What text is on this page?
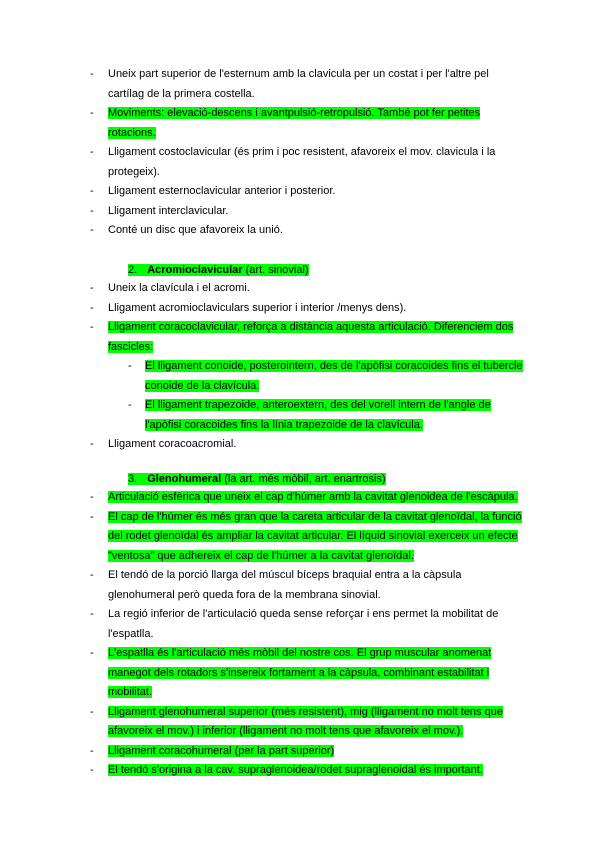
- Uneix part superior de l'esternum amb la clavicula per un costat i per l'altre pel
cartílag de la primera costella.
- Moviments: elevació-descens i avantpulsió-retropulsió. També pot fer petites
rotacions.
- Lligament costoclavicular (és prim i poc resistent, afavoreix el mov. clavicula i la
protegeix).
- Lligament esternoclavicular anterior i posterior.
- Lligament interclavicular.
- Conté un disc que afavoreix la unió.
2. Acromioclavicular (art. sinovial)
- Uneix la clavícula i el acromi.
- Lligament acromioclaviculars superior i interior /menys dens).
- Lligament coracoclavicular, reforça a distància aquesta articulació. Diferenciem dos
fascicles:
- El lligament conoide, posterointern, des de l'apòfisi coracoides fins el tubercle
conoide de la clavícula.
- El lligament trapezoide, anteroextern, des del vorell intern de l'angle de
l'apòfisi coracoides fins la línia trapezoide de la clavícula.
- Lligament coracoacromial.
3. Glenohumeral (la art. més mòbil, art. enartrosis)
- Articulació esfèrica que uneix el cap d'húmer amb la cavitat glenoidea de l'escàpula.
- El cap de l'húmer és més gran que la careta articular de la cavitat glenoïdal, la funció
del rodet glenoïdal és ampliar la cavitat articular. El líquid sinovial exerceix un efecte
"ventosa" que adhereix el cap de l'húmer a la cavitat glenoïdal.
- El tendó de la porció llarga del múscul bíceps braquial entra a la càpsula
glenohumeral però queda fora de la membrana sinovial.
- La regió inferior de l'articulació queda sense reforçar i ens permet la mobilitat de
l'espatlla.
- L'espatlla és l'articulació més mòbil del nostre cos. El grup muscular anomenat
manegot dels rotadors s'insereix fortament a la càpsula, combinant estabilitat i
mobilitat.
- Lligament glenohumeral superior (més resistent), mig (lligament no molt tens que
afavoreix el mov.) i inferior (lligament no molt tens que afavoreix el mov.).
- Lligament coracohumeral (per la part superior)
- El tendó s'origina a la cav. supraglenoidea/rodet supraglenoidal és important.
